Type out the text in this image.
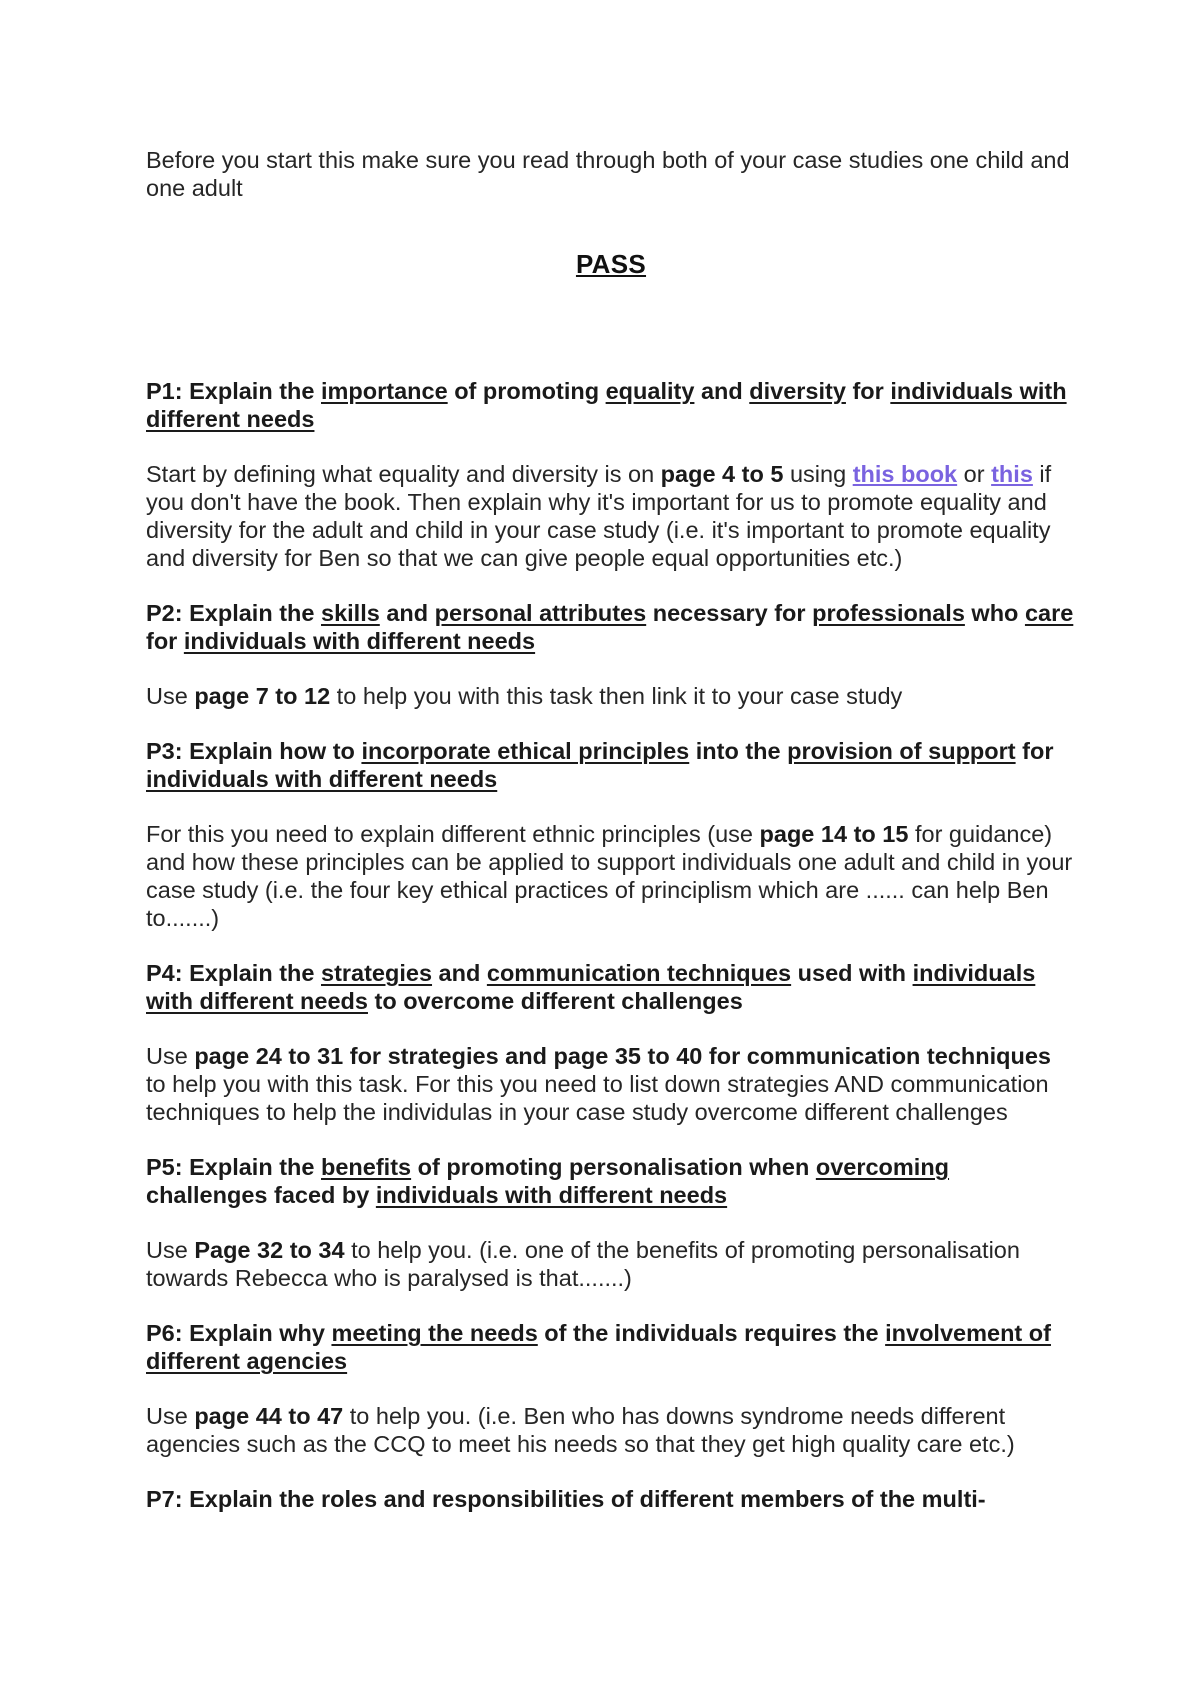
Before you start this make sure you read through both of your case studies one child and one adult

PASS

P1: Explain the importance of promoting equality and diversity for individuals with different needs

Start by defining what equality and diversity is on page 4 to 5 using this book or this if you don't have the book. Then explain why it's important for us to promote equality and diversity for the adult and child in your case study (i.e. it's important to promote equality and diversity for Ben so that we can give people equal opportunities etc.)

P2: Explain the skills and personal attributes necessary for professionals who care for individuals with different needs

Use page 7 to 12 to help you with this task then link it to your case study

P3: Explain how to incorporate ethical principles into the provision of support for individuals with different needs

For this you need to explain different ethnic principles (use page 14 to 15 for guidance) and how these principles can be applied to support individuals one adult and child in your case study (i.e. the four key ethical practices of principlism which are ...... can help Ben to.......)

P4: Explain the strategies and communication techniques used with individuals with different needs to overcome different challenges

Use page 24 to 31 for strategies and page 35 to 40 for communication techniques to help you with this task. For this you need to list down strategies AND communication techniques to help the individulas in your case study overcome different challenges

P5: Explain the benefits of promoting personalisation when overcoming challenges faced by individuals with different needs

Use Page 32 to 34 to help you. (i.e. one of the benefits of promoting personalisation towards Rebecca who is paralysed is that.......)

P6: Explain why meeting the needs of the individuals requires the involvement of different agencies

Use page 44 to 47 to help you. (i.e. Ben who has downs syndrome needs different agencies such as the CCQ to meet his needs so that they get high quality care etc.)

P7: Explain the roles and responsibilities of different members of the multi-
